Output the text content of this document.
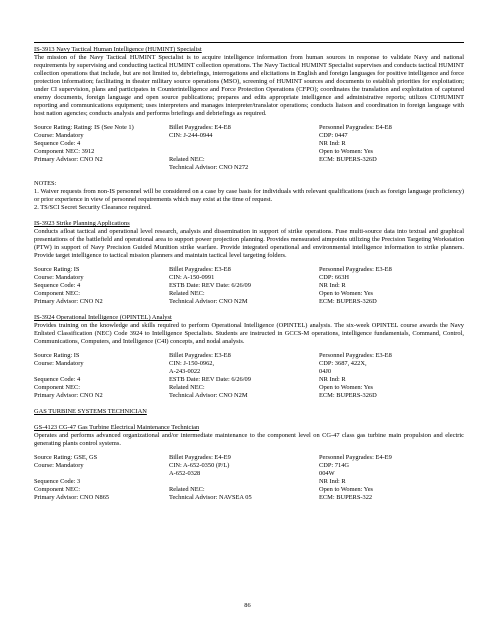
IS-3913 Navy Tactical Human Intelligence (HUMINT) Specialist

The mission of the Navy Tactical HUMINT Specialist is to acquire intelligence information from human sources in response to validate Navy and national requirements by supervising and conducting tactical HUMINT collection operations. The Navy Tactical HUMINT Specialist supervises and conducts tactical HUMINT collection operations that include, but are not limited to, debriefings, interrogations and elicitations in English and foreign languages for positive intelligence and force protection information; facilitating in theater military source operations (MSO), screening of HUMINT sources and documents to establish priorities for exploitation; under CI supervision, plans and participates in Counterintelligence and Force Protection Operations (CFPO); coordinates the translation and exploitation of captured enemy documents, foreign language and open source publications; prepares and edits appropriate intelligence and administrative reports; utilizes CI/HUMINT reporting and communications equipment; uses interpreters and manages interpreter/translator operations; conducts liaison and coordination in foreign language with host nation agencies; conducts analysis and performs briefings and debriefings as required.

Source Rating: Rating: IS (See Note 1)
Course: Mandatory
Sequence Code: 4
Component NEC: 3912
Primary Advisor: CNO N2
Billet Paygrades: E4-E8
CIN: J-244-0944

Related NEC:
Technical Advisor: CNO N272
Personnel Paygrades: E4-E8
CDP: 0447
NR Ind: R
Open to Women: Yes
ECM: BUPERS-326D
NOTES:

1. Waiver requests from non-IS personnel will be considered on a case by case basis for individuals with relevant qualifications (such as foreign language proficiency) or prior experience in view of personnel requirements which may exist at the time of request.

2. TS/SCI Secret Security Clearance required.
IS-3923 Strike Planning Applications

Conducts afloat tactical and operational level research, analysis and dissemination in support of strike operations. Fuse multi-source data into textual and graphical presentations of the battlefield and operational area to support power projection planning. Provides mensurated aimpoints utilizing the Precision Targeting Workstation (PTW) in support of Navy Precision Guided Munition strike warfare. Provide integrated operational and environmental intelligence information to strike planners. Provide target intelligence to tactical mission planners and maintain tactical level targeting folders.

Source Rating: IS
Course: Mandatory
Sequence Code: 4
Component NEC:
Primary Advisor: CNO N2
Billet Paygrades: E3-E8
CIN: A-150-0991
ESTB Date: REV Date: 6/26/09
Related NEC:
Technical Advisor: CNO N2M
Personnel Paygrades: E3-E8
CDP: 663H
NR Ind: R
Open to Women: Yes
ECM: BUPERS-326D
IS-3924 Operational Intelligence (OPINTEL) Analyst

Provides training on the knowledge and skills required to perform Operational Intelligence (OPINTEL) analysis. The six-week OPINTEL course awards the Navy Enlisted Classification (NEC) Code 3924 to Intelligence Specialists. Students are instructed in GCCS-M operations, intelligence fundamentals, Command, Control, Communications, Computers, and Intelligence (C4I) concepts, and nodal analysis.

Source Rating: IS
Course: Mandatory

Sequence Code: 4
Component NEC:
Primary Advisor: CNO N2
Billet Paygrades: E3-E8
CIN: J-150-0962,
A-243-0022
ESTB Date: REV Date: 6/26/09
Related NEC:
Technical Advisor: CNO N2M
Personnel Paygrades: E3-E8
CDP: 3687, 422X,
04J0
NR Ind: R
Open to Women: Yes
ECM: BUPERS-326D
GAS TURBINE SYSTEMS TECHNICIAN
GS-4123 CG-47 Gas Turbine Electrical Maintenance Technician

Operates and performs advanced organizational and/or intermediate maintenance to the component level on CG-47 class gas turbine main propulsion and electric generating plants control systems.

Source Rating: GSE, GS
Course: Mandatory

Sequence Code: 3
Component NEC:
Primary Advisor: CNO N865
Billet Paygrades: E4-E9
CIN: A-652-0350 (P/L)
A-652-0328

Related NEC:
Technical Advisor: NAVSEA 05
Personnel Paygrades: E4-E9
CDP: 714G
004W
NR Ind: R
Open to Women: Yes
ECM: BUPERS-322
86
